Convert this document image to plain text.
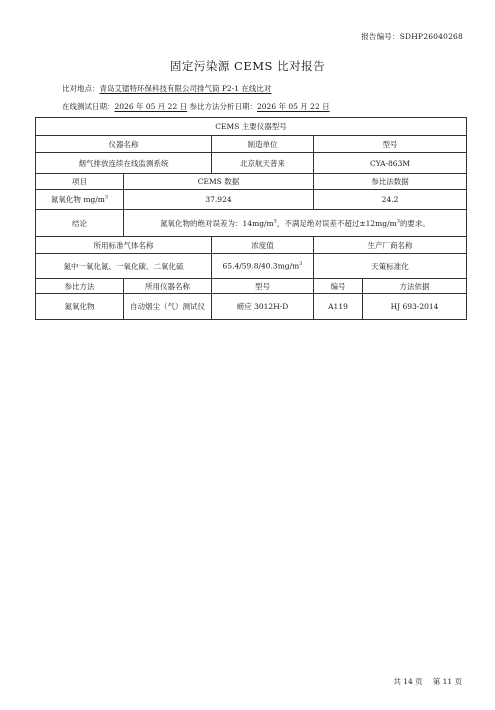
报告编号：SDHP26040268
固定污染源 CEMS 比对报告
比对地点：青岛艾镭特环保科技有限公司排气筒 P2-1 在线比对
在线测试日期：2026 年 05 月 22 日 参比方法分析日期：2026 年 05 月 22 日
CEMS 主要仪器型号				
仪器名称		制造单位	型号	
烟气排放连续在线监测系统		北京航天普来	CYA-863M	
项目	CEMS 数据		参比法数据	
氮氧化物 $mg/m^3$	37.924		24.2	
结论	氮氧化物的绝对误差为：$14mg/m^3$，不满足绝对误差不超过$\pm 12mg/m^3$的要求。			
所用标准气体名称		浓度值	生产厂商名称	
氮中一氧化氮、一氧化碳、二氧化硫		$65.4/59.8/40.3mg/m^3$	天策标准化	
参比方法	所用仪器名称	型号	编号	方法依据
氮氧化物	自动烟尘（气）测试仪	崂应 3012H-D	A119	HJ 693-2014
共 14 页 第 11 页
